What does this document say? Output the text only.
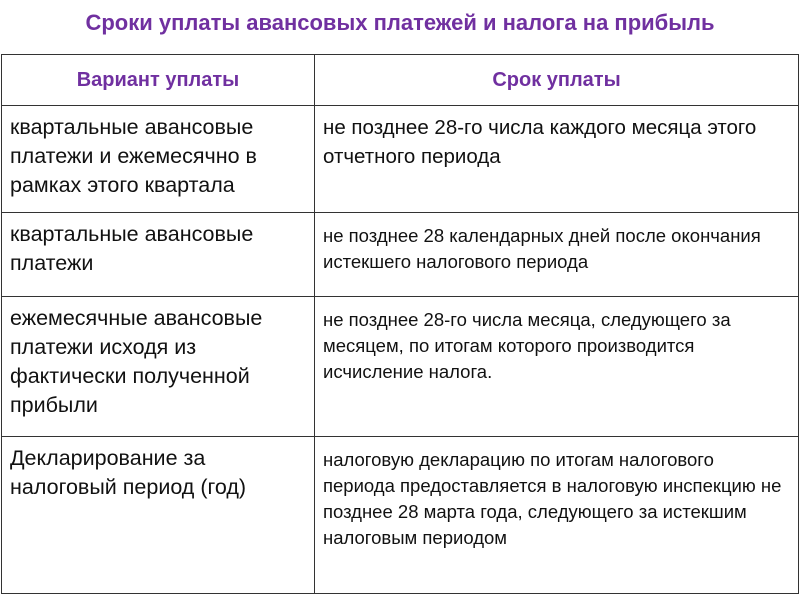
Сроки уплаты авансовых платежей и налога на прибыль
Вариант уплаты	Срок уплаты
квартальные авансовые платежи и ежемесячно в рамках этого квартала	не позднее 28-го числа каждого месяца этого отчетного периода
квартальные авансовые платежи	не позднее 28 календарных дней после окончания истекшего налогового периода
ежемесячные авансовые платежи исходя из фактически полученной прибыли	не позднее 28-го числа месяца, следующего за месяцем, по итогам которого производится исчисление налога.
Декларирование за налоговый период (год)	налоговую декларацию по итогам налогового периода предоставляется в налоговую инспекцию не позднее 28 марта года, следующего за истекшим налоговым периодом
